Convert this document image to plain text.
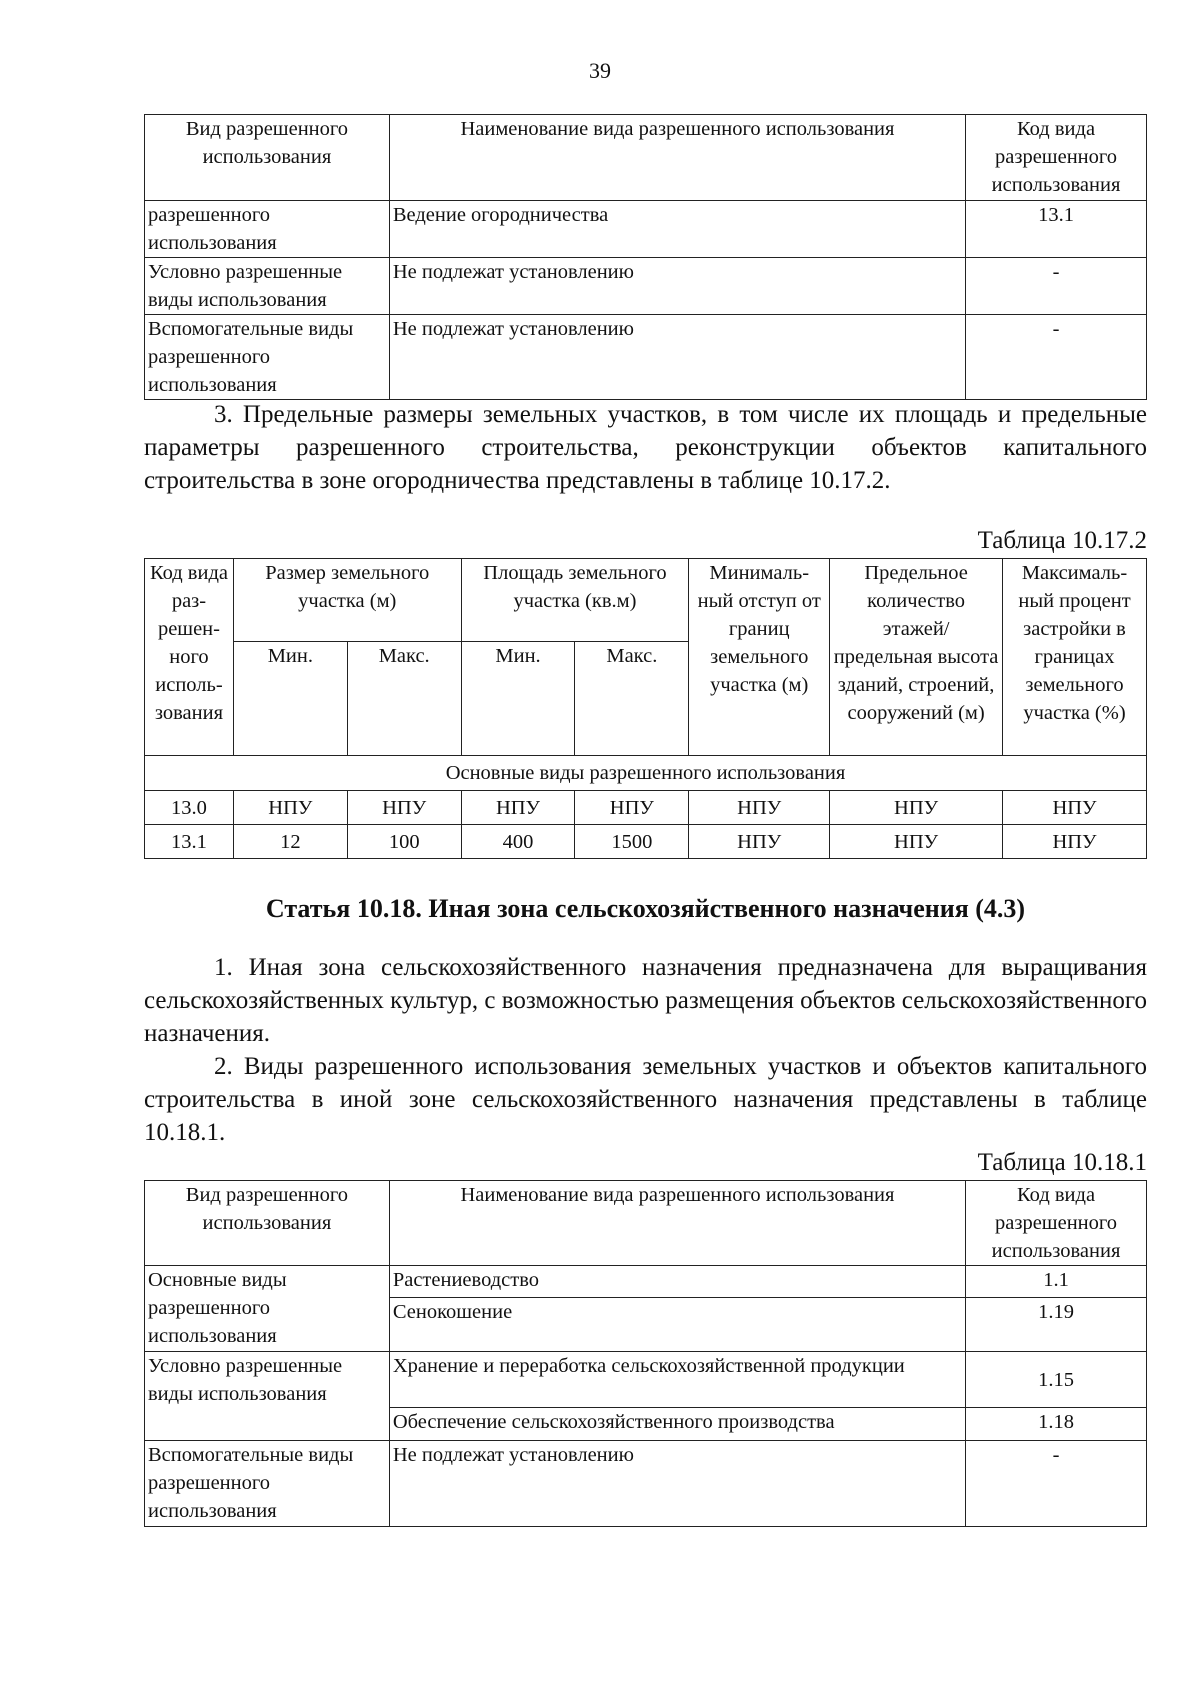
39
Вид разрешенного использования	Наименование вида разрешенного использования	Код вида разрешенного использования
разрешенного использования	Ведение огородничества	13.1
Условно разрешенные виды использования	Не подлежат установлению	-
Вспомогательные виды разрешенного использования	Не подлежат установлению	-
3. Предельные размеры земельных участков, в том числе их площадь и предельные параметры разрешенного строительства, реконструкции объектов капитального строительства в зоне огородничества представлены в таблице 10.17.2.
Таблица 10.17.2
Код вида раз-решен-ного исполь-зования	Размер земельного участка (м)		Площадь земельного участка (кв.м)		Минималь-ный отступ от границ земельного участка (м)	Предельное количество этажей/ предельная высота зданий, строений, сооружений (м)	Максималь-ный процент застройки в границах земельного участка (%)
	Мин.	Макс.	Мин.	Макс.			
Основные виды разрешенного использования							
13.0	НПУ	НПУ	НПУ	НПУ	НПУ	НПУ	НПУ
13.1	12	100	400	1500	НПУ	НПУ	НПУ
Статья 10.18. Иная зона сельскохозяйственного назначения (4.3)
1. Иная зона сельскохозяйственного назначения предназначена для выращивания сельскохозяйственных культур, с возможностью размещения объектов сельскохозяйственного назначения.
2. Виды разрешенного использования земельных участков и объектов капитального строительства в иной зоне сельскохозяйственного назначения представлены в таблице 10.18.1.
Таблица 10.18.1
Вид разрешенного использования	Наименование вида разрешенного использования	Код вида разрешенного использования
Основные виды разрешенного использования	Растениеводство	1.1
	Сенокошение	1.19
Условно разрешенные виды использования	Хранение и переработка сельскохозяйственной продукции	1.15
	Обеспечение сельскохозяйственного производства	1.18
Вспомогательные виды разрешенного использования	Не подлежат установлению	-
